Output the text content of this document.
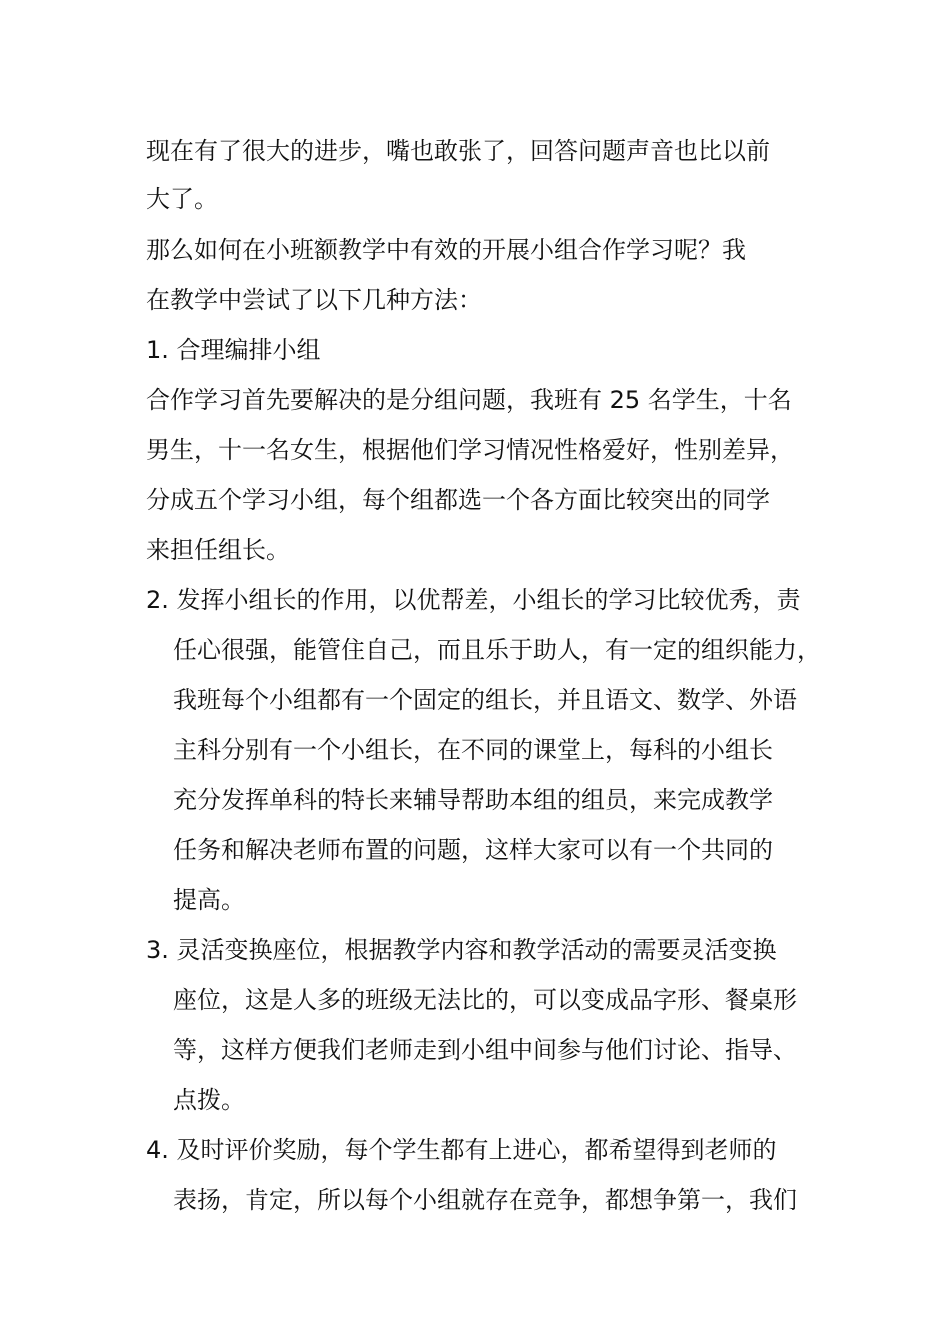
现在有了很大的进步，嘴也敢张了，回答问题声音也比以前
大了。
那么如何在小班额教学中有效的开展小组合作学习呢？我
在教学中尝试了以下几种方法：
1. 合理编排小组
合作学习首先要解决的是分组问题，我班有 25 名学生，十名
男生，十一名女生，根据他们学习情况性格爱好，性别差异，
分成五个学习小组，每个组都选一个各方面比较突出的同学
来担任组长。
2. 发挥小组长的作用，以优帮差，小组长的学习比较优秀，责
任心很强，能管住自己，而且乐于助人，有一定的组织能力，
我班每个小组都有一个固定的组长，并且语文、数学、外语
主科分别有一个小组长，在不同的课堂上，每科的小组长
充分发挥单科的特长来辅导帮助本组的组员，来完成教学
任务和解决老师布置的问题，这样大家可以有一个共同的
提高。
3. 灵活变换座位，根据教学内容和教学活动的需要灵活变换
座位，这是人多的班级无法比的，可以变成品字形、餐桌形
等，这样方便我们老师走到小组中间参与他们讨论、指导、
点拨。
4. 及时评价奖励，每个学生都有上进心，都希望得到老师的
表扬，肯定，所以每个小组就存在竞争，都想争第一，我们
